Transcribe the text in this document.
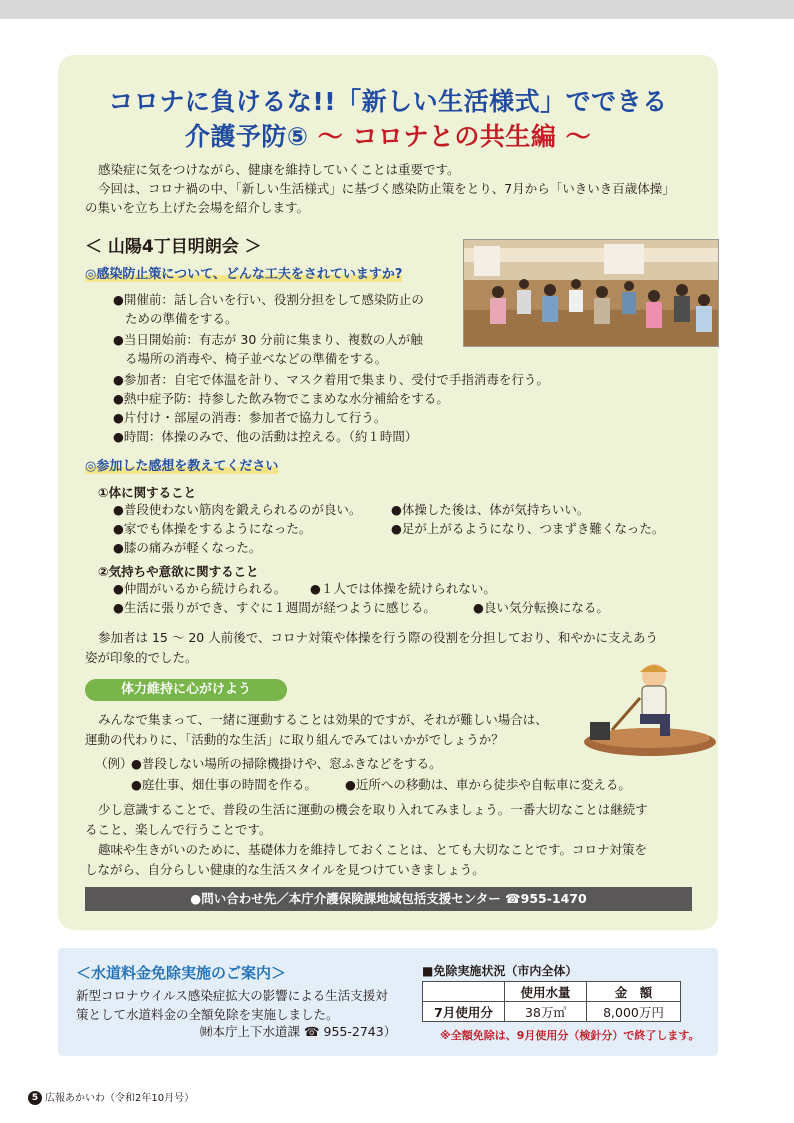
コロナに負けるな!!「新しい生活様式」でできる
介護予防⑤ ～ コロナとの共生編 ～
感染症に気をつけながら、健康を維持していくことは重要です。
今回は、コロナ禍の中、「新しい生活様式」に基づく感染防止策をとり、7月から「いきいき百歳体操」
の集いを立ち上げた会場を紹介します。
＜ 山陽4丁目明朗会 ＞
◎感染防止策について、どんな工夫をされていますか?
●開催前：話し合いを行い、役割分担をして感染防止の
ための準備をする。
●当日開始前：有志が 30 分前に集まり、複数の人が触
る場所の消毒や、椅子並べなどの準備をする。
●参加者：自宅で体温を計り、マスク着用で集まり、受付で手指消毒を行う。
●熱中症予防：持参した飲み物でこまめな水分補給をする。
●片付け・部屋の消毒：参加者で協力して行う。
●時間：体操のみで、他の活動は控える。（約１時間）
◎参加した感想を教えてください
①体に関すること
●普段使わない筋肉を鍛えられるのが良い。 ●体操した後は、体が気持ちいい。
●家でも体操をするようになった。	●足が上がるようになり、つまずき難くなった。
●膝の痛みが軽くなった。
②気持ちや意欲に関すること
●仲間がいるから続けられる。 ●１人では体操を続けられない。
●生活に張りができ、すぐに１週間が経つように感じる。	●良い気分転換になる。
参加者は 15 ～ 20 人前後で、コロナ対策や体操を行う際の役割を分担しており、和やかに支えあう
姿が印象的でした。
体力維持に心がけよう
みんなで集まって、一緒に運動することは効果的ですが、それが難しい場合は、
運動の代わりに、「活動的な生活」に取り組んでみてはいかがでしょうか？
（例）
●普段しない場所の掃除機掛けや、窓ふきなどをする。
●庭仕事、畑仕事の時間を作る。 ●近所への移動は、車から徒歩や自転車に変える。
少し意識することで、普段の生活に運動の機会を取り入れてみましょう。一番大切なことは継続す
ること、楽しんで行うことです。
趣味や生きがいのために、基礎体力を維持しておくことは、とても大切なことです。コロナ対策を
しながら、自分らしい健康的な生活スタイルを見つけていきましょう。
●問い合わせ先／本庁介護保険課地域包括支援センター ☎955-1470
＜水道料金免除実施のご案内＞
新型コロナウイルス感染症拡大の影響による生活支援対
策として水道料金の全額免除を実施しました。
㈶本庁上下水道課 ☎ 955-2743）
■免除実施状況（市内全体）
	使用水量	金　額
7月使用分	38万㎥	8,000万円
※全額免除は、9月使用分（検針分）で終了します。
5 広報あかいわ（令和2年10月号）
